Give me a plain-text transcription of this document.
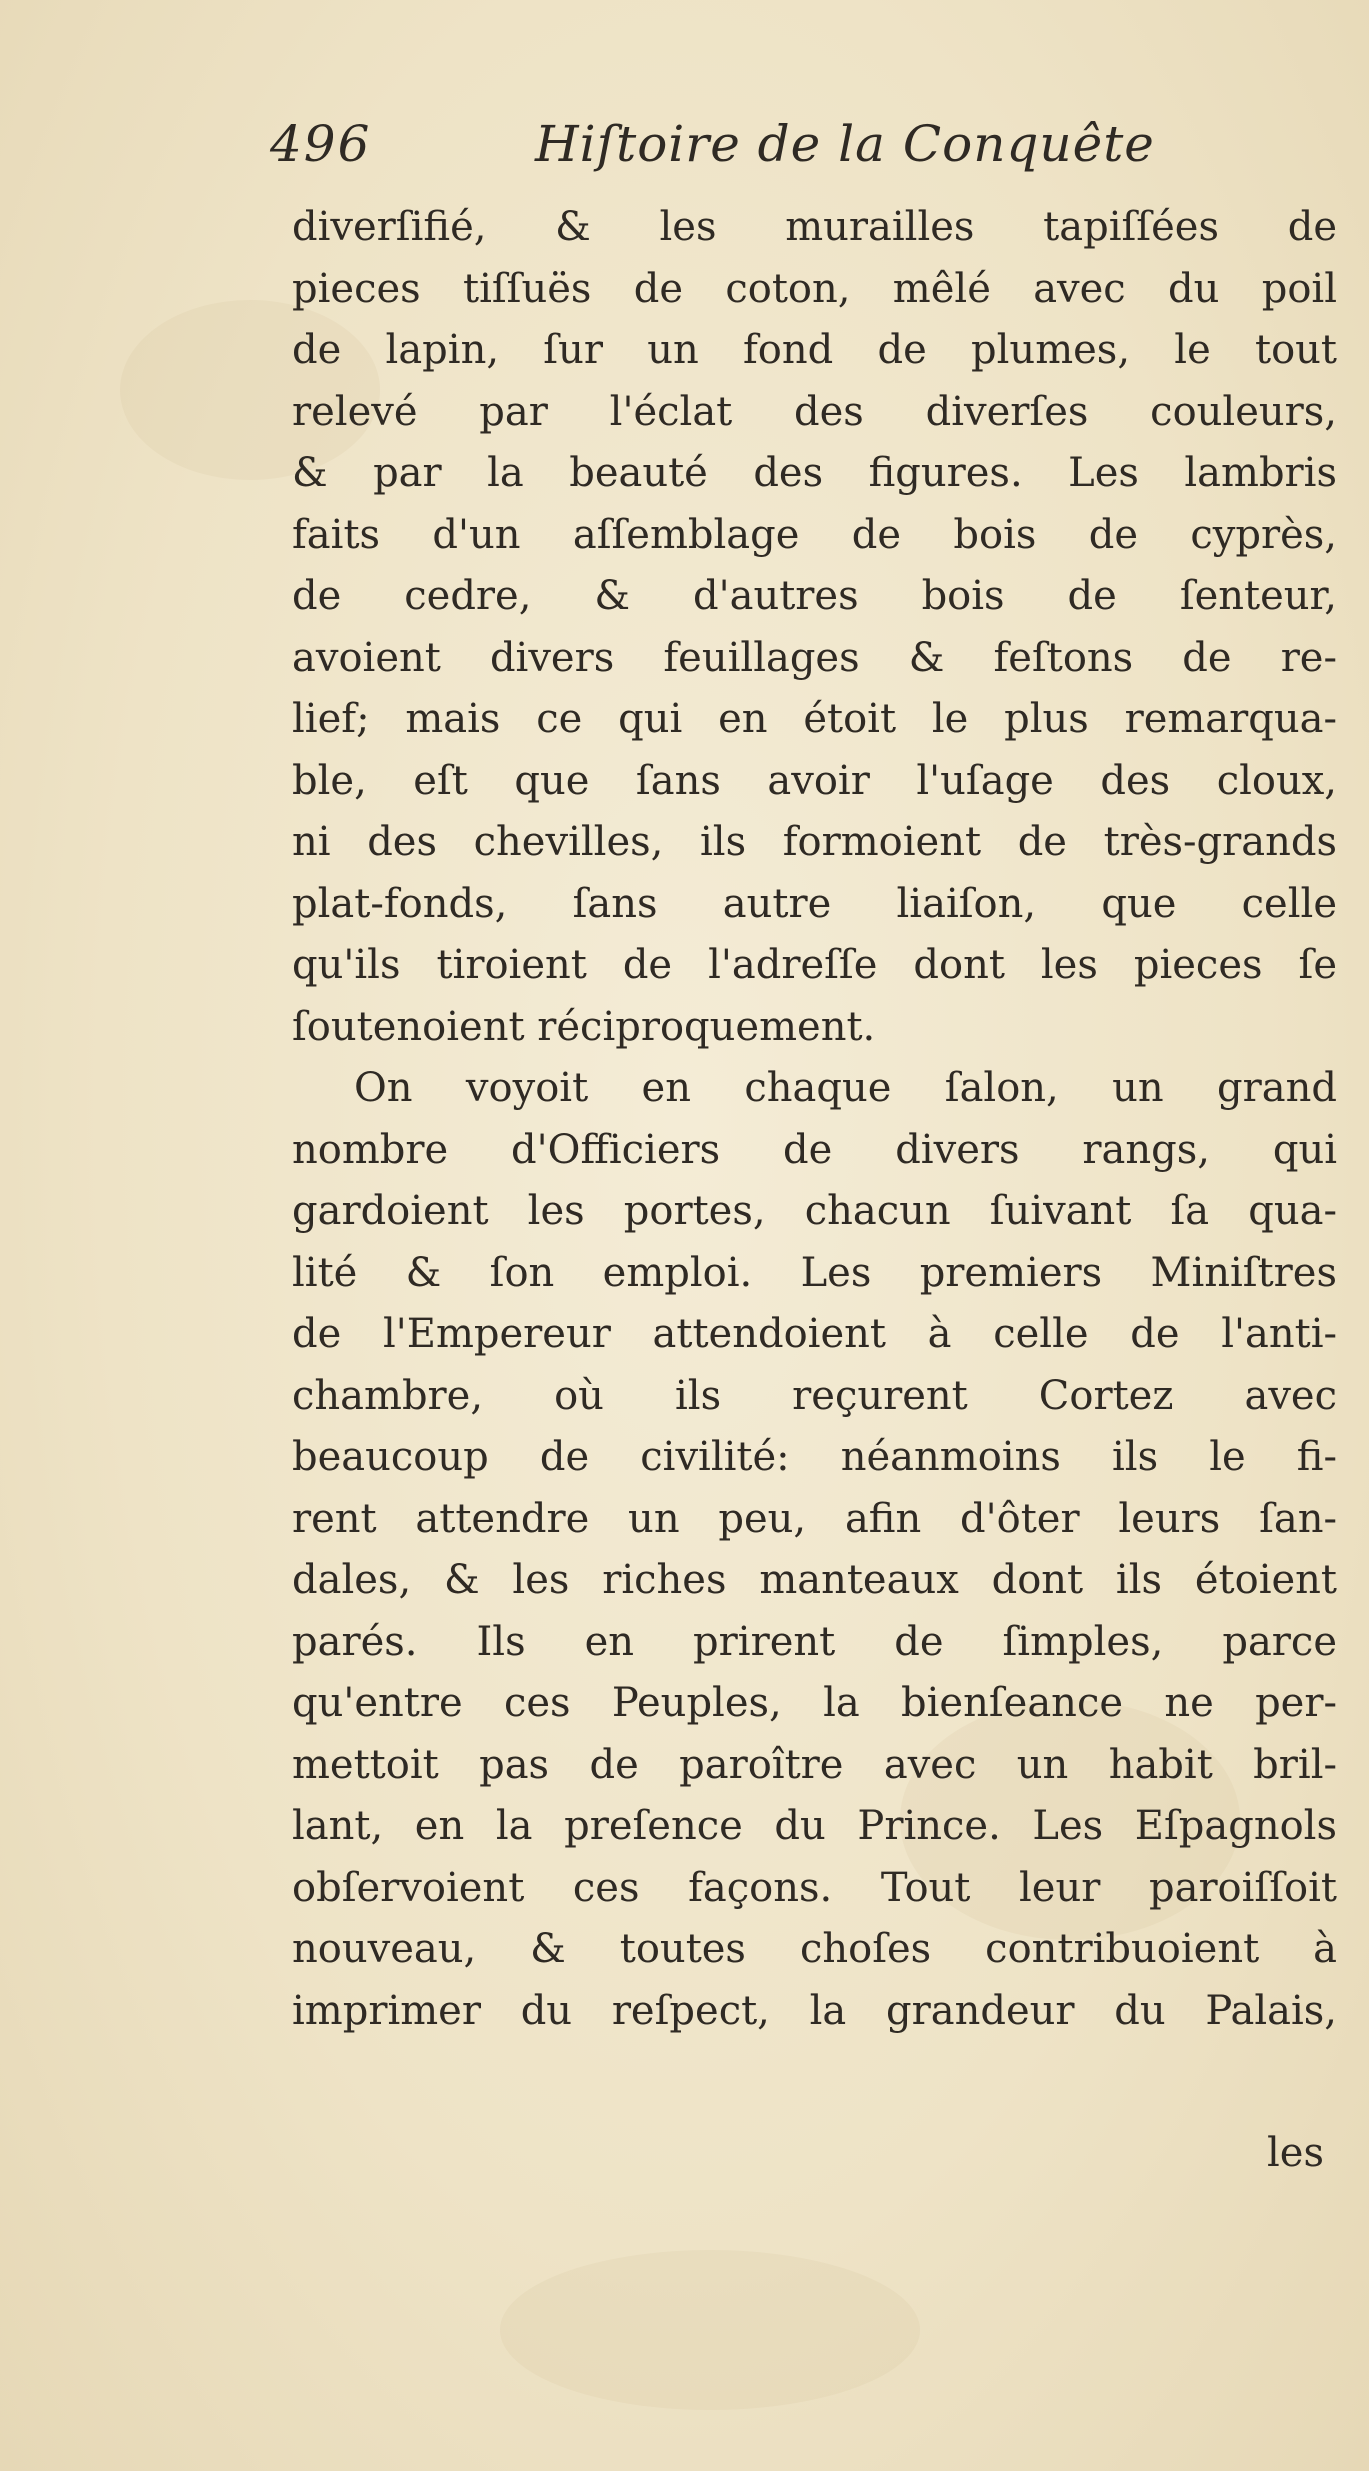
496	Hiſtoire de la Conquête
diverſifié, & les murailles tapiſſées de
pieces tiſſuës de coton, mêlé avec du poil
de lapin, ſur un fond de plumes, le tout
relevé par l'éclat des diverſes couleurs,
& par la beauté des figures. Les lambris
faits d'un aſſemblage de bois de cyprès,
de cedre, & d'autres bois de ſenteur,
avoient divers feuillages & feſtons de re-
lief; mais ce qui en étoit le plus remarqua-
ble, eſt que ſans avoir l'uſage des cloux,
ni des chevilles, ils formoient de très-grands
plat-fonds, ſans autre liaiſon, que celle
qu'ils tiroient de l'adreſſe dont les pieces ſe
ſoutenoient réciproquement.
On voyoit en chaque ſalon, un grand
nombre d'Officiers de divers rangs, qui
gardoient les portes, chacun ſuivant ſa qua-
lité & ſon emploi. Les premiers Miniſtres
de l'Empereur attendoient à celle de l'anti-
chambre, où ils reçurent Cortez avec
beaucoup de civilité: néanmoins ils le fi-
rent attendre un peu, afin d'ôter leurs ſan-
dales, & les riches manteaux dont ils étoient
parés. Ils en prirent de ſimples, parce
qu'entre ces Peuples, la bienſeance ne per-
mettoit pas de paroître avec un habit bril-
lant, en la preſence du Prince. Les Eſpagnols
obſervoient ces façons. Tout leur paroiſſoit
nouveau, & toutes choſes contribuoient à
imprimer du reſpect, la grandeur du Palais,
les
